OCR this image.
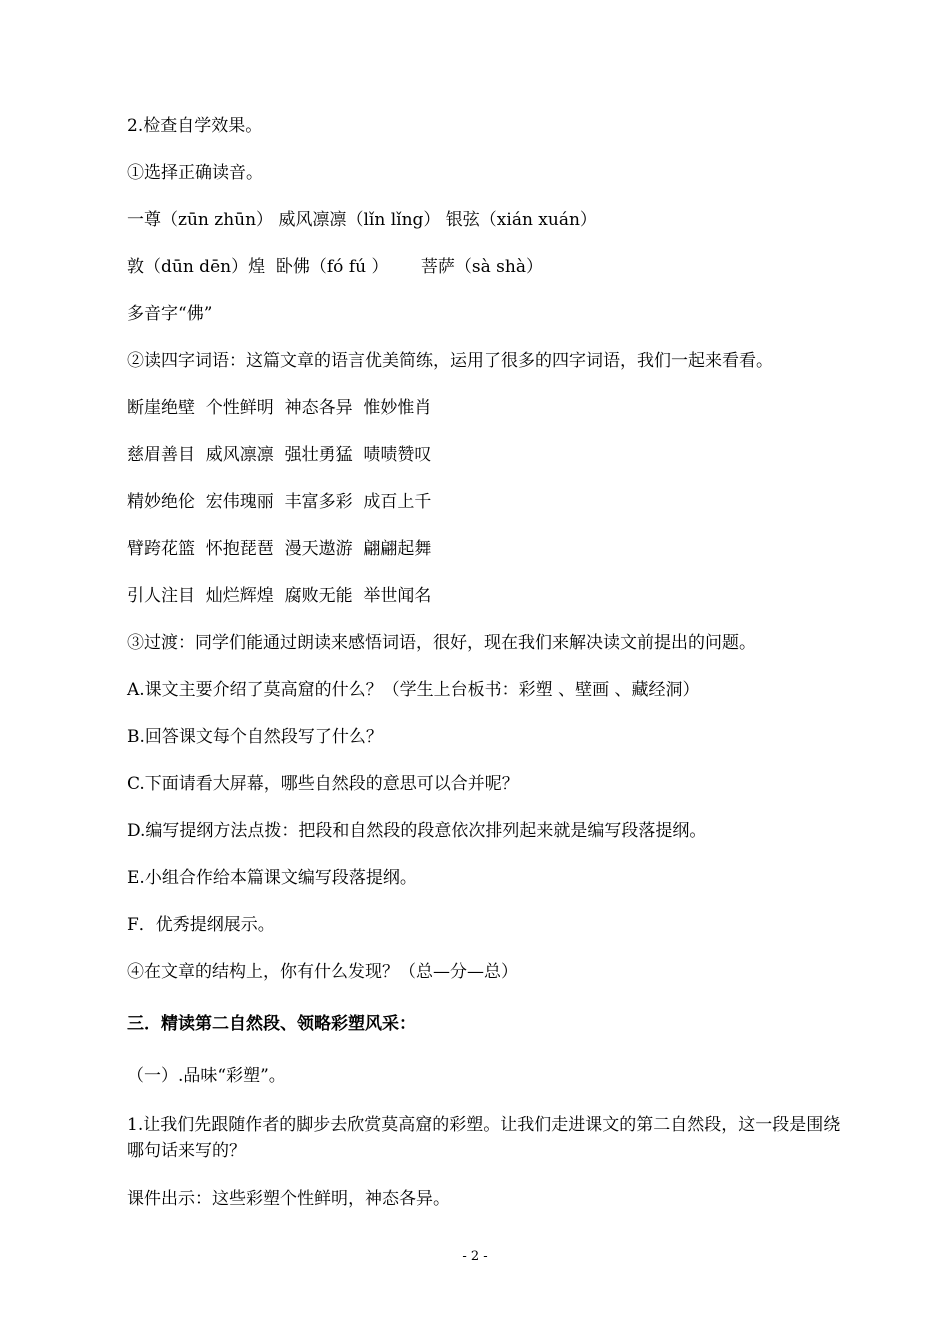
2.检查自学效果。
①选择正确读音。
一尊（zūn zhūn） 威风凛凛（lǐn lǐng） 银弦（xián xuán）
敦（dūn dēn）煌  卧佛（fó fú ）      菩萨（sà shà）
多音字“佛”
②读四字词语：这篇文章的语言优美简练，运用了很多的四字词语，我们一起来看看。
断崖绝壁  个性鲜明  神态各异  惟妙惟肖
慈眉善目  威风凛凛  强壮勇猛  啧啧赞叹
精妙绝伦  宏伟瑰丽  丰富多彩  成百上千
臂跨花篮  怀抱琵琶  漫天遨游  翩翩起舞
引人注目  灿烂辉煌  腐败无能  举世闻名
③过渡：同学们能通过朗读来感悟词语，很好，现在我们来解决读文前提出的问题。
A.课文主要介绍了莫高窟的什么？（学生上台板书：彩塑 、壁画 、藏经洞）
B.回答课文每个自然段写了什么？
C.下面请看大屏幕，哪些自然段的意思可以合并呢？
D.编写提纲方法点拨：把段和自然段的段意依次排列起来就是编写段落提纲。
E.小组合作给本篇课文编写段落提纲。
F．优秀提纲展示。
④在文章的结构上，你有什么发现？（总—分—总）
三．精读第二自然段、领略彩塑风采：
（一）.品味“彩塑”。
1.让我们先跟随作者的脚步去欣赏莫高窟的彩塑。让我们走进课文的第二自然段，这一段是围绕哪句话来写的？
课件出示：这些彩塑个性鲜明，神态各异。
- 2 -
